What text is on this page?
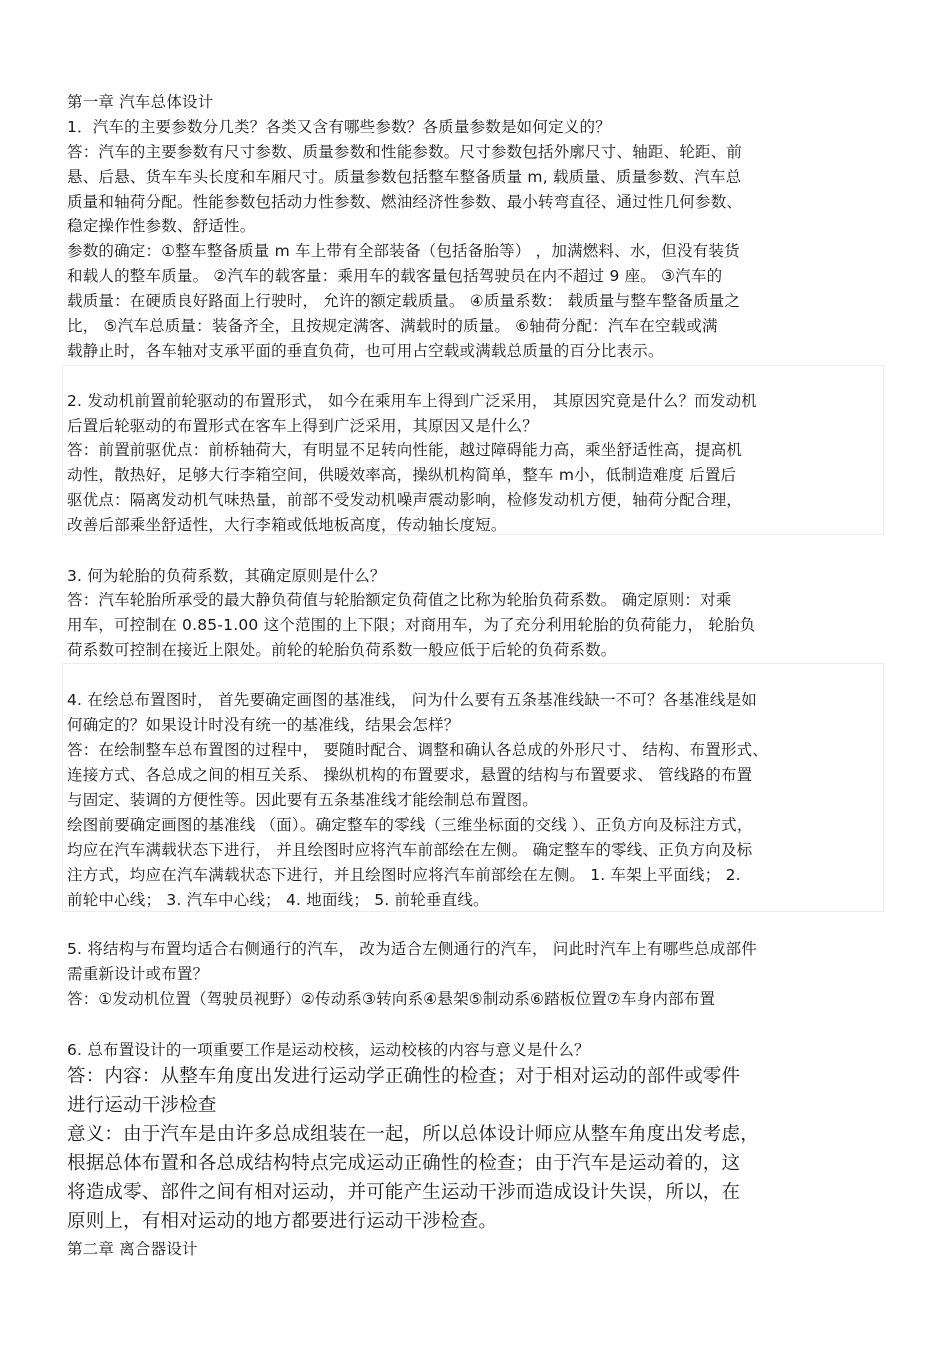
第一章 汽车总体设计
1．汽车的主要参数分几类？各类又含有哪些参数？各质量参数是如何定义的？
答：汽车的主要参数有尺寸参数、质量参数和性能参数。尺寸参数包括外廓尺寸、轴距、轮距、前
悬、后悬、货车车头长度和车厢尺寸。质量参数包括整车整备质量 m, 载质量、质量参数、汽车总
质量和轴荷分配。性能参数包括动力性参数、燃油经济性参数、最小转弯直径、通过性几何参数、
稳定操作性参数、舒适性。
参数的确定：①整车整备质量 m 车上带有全部装备（包括备胎等） ，加满燃料、水，但没有装货
和载人的整车质量。 ②汽车的载客量：乘用车的载客量包括驾驶员在内不超过 9 座。 ③汽车的
载质量：在硬质良好路面上行驶时， 允许的额定载质量。 ④质量系数： 载质量与整车整备质量之
比， ⑤汽车总质量：装备齐全，且按规定满客、满载时的质量。 ⑥轴荷分配：汽车在空载或满
载静止时，各车轴对支承平面的垂直负荷，也可用占空载或满载总质量的百分比表示。
2. 发动机前置前轮驱动的布置形式， 如今在乘用车上得到广泛采用， 其原因究竟是什么？而发动机
后置后轮驱动的布置形式在客车上得到广泛采用，其原因又是什么？
答：前置前驱优点：前桥轴荷大，有明显不足转向性能，越过障碍能力高，乘坐舒适性高，提高机
动性，散热好，足够大行李箱空间，供暖效率高，操纵机构简单，整车 m小，低制造难度 后置后
驱优点：隔离发动机气味热量，前部不受发动机噪声震动影响，检修发动机方便，轴荷分配合理，
改善后部乘坐舒适性，大行李箱或低地板高度，传动轴长度短。
3. 何为轮胎的负荷系数，其确定原则是什么？
答：汽车轮胎所承受的最大静负荷值与轮胎额定负荷值之比称为轮胎负荷系数。 确定原则：对乘
用车，可控制在 0.85-1.00 这个范围的上下限；对商用车，为了充分利用轮胎的负荷能力， 轮胎负
荷系数可控制在接近上限处。前轮的轮胎负荷系数一般应低于后轮的负荷系数。
4. 在绘总布置图时， 首先要确定画图的基准线， 问为什么要有五条基准线缺一不可？各基准线是如
何确定的？如果设计时没有统一的基准线，结果会怎样？
答：在绘制整车总布置图的过程中， 要随时配合、调整和确认各总成的外形尺寸、 结构、布置形式、
连接方式、各总成之间的相互关系、 操纵机构的布置要求，悬置的结构与布置要求、 管线路的布置
与固定、装调的方便性等。因此要有五条基准线才能绘制总布置图。
绘图前要确定画图的基准线 （面）。确定整车的零线（三维坐标面的交线 ）、正负方向及标注方式，
均应在汽车满载状态下进行， 并且绘图时应将汽车前部绘在左侧。 确定整车的零线、正负方向及标
注方式，均应在汽车满载状态下进行，并且绘图时应将汽车前部绘在左侧。 1. 车架上平面线； 2.
前轮中心线； 3. 汽车中心线； 4. 地面线； 5. 前轮垂直线。
5. 将结构与布置均适合右侧通行的汽车， 改为适合左侧通行的汽车， 问此时汽车上有哪些总成部件
需重新设计或布置？
答：①发动机位置（驾驶员视野）②传动系③转向系④悬架⑤制动系⑥踏板位置⑦车身内部布置
6. 总布置设计的一项重要工作是运动校核，运动校核的内容与意义是什么？
答：内容：从整车角度出发进行运动学正确性的检查；对于相对运动的部件或零件
进行运动干涉检查
意义：由于汽车是由许多总成组装在一起，所以总体设计师应从整车角度出发考虑，
根据总体布置和各总成结构特点完成运动正确性的检查；由于汽车是运动着的，这
将造成零、部件之间有相对运动，并可能产生运动干涉而造成设计失误，所以，在
原则上，有相对运动的地方都要进行运动干涉检查。
第二章 离合器设计
